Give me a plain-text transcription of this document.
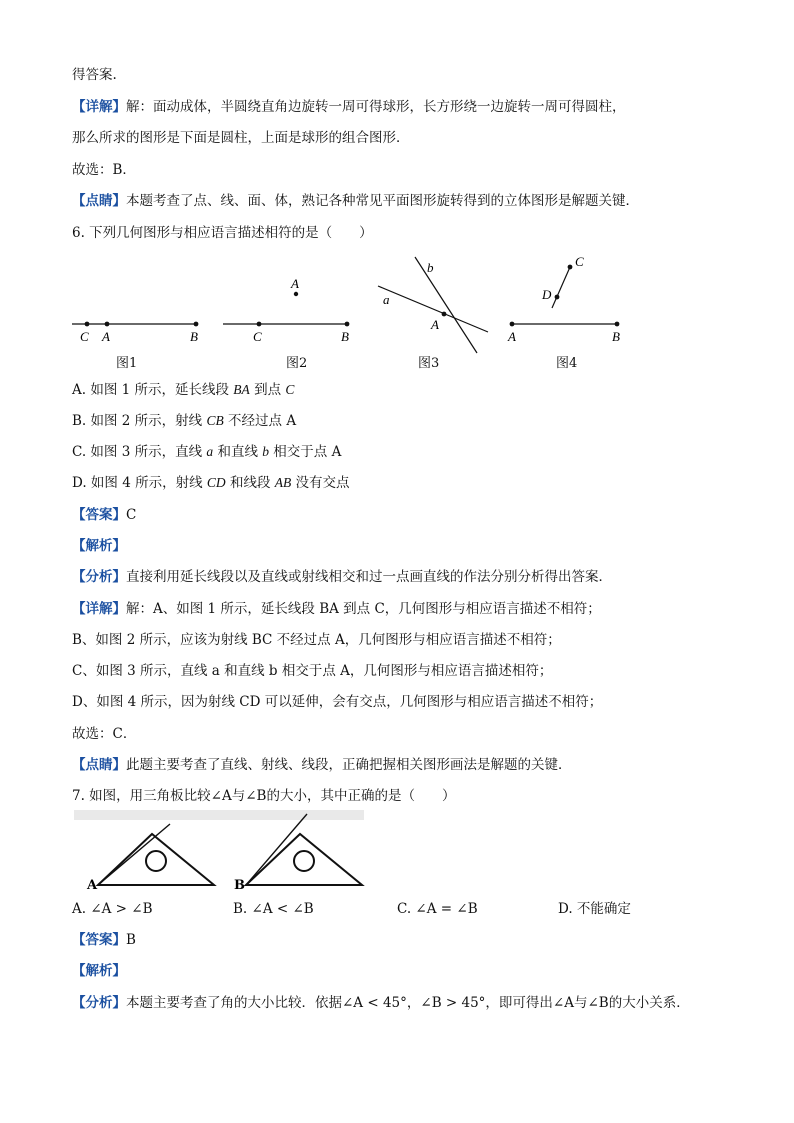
得答案.
【详解】解：面动成体，半圆绕直角边旋转一周可得球形，长方形绕一边旋转一周可得圆柱，
那么所求的图形是下面是圆柱，上面是球形的组合图形．
故选：B．
【点睛】本题考查了点、线、面、体，熟记各种常见平面图形旋转得到的立体图形是解题关键．
6. 下列几何图形与相应语言描述相符的是（　　）
C A	B
A
C	B
b
a
A
C
D
A	B
图1	图2	图3	图4
A. 如图 1 所示，延长线段 BA 到点 C
B. 如图 2 所示，射线 CB 不经过点 A
C. 如图 3 所示，直线 a 和直线 b 相交于点 A
D. 如图 4 所示，射线 CD 和线段 AB 没有交点
【答案】C
【解析】
【分析】直接利用延长线段以及直线或射线相交和过一点画直线的作法分别分析得出答案．
【详解】解：A、如图 1 所示，延长线段 BA 到点 C，几何图形与相应语言描述不相符；
B、如图 2 所示，应该为射线 BC 不经过点 A，几何图形与相应语言描述不相符；
C、如图 3 所示，直线 a 和直线 b 相交于点 A，几何图形与相应语言描述相符；
D、如图 4 所示，因为射线 CD 可以延伸，会有交点，几何图形与相应语言描述不相符；
故选：C．
【点睛】此题主要考查了直线、射线、线段，正确把握相关图形画法是解题的关键．
7. 如图，用三角板比较∠A与∠B的大小，其中正确的是（　　）
A	B
A. ∠A > ∠B	B. ∠A < ∠B	C. ∠A = ∠B	D. 不能确定
【答案】B
【解析】
【分析】本题主要考查了角的大小比较．依据∠A < 45°，∠B > 45°，即可得出∠A与∠B的大小关系．
